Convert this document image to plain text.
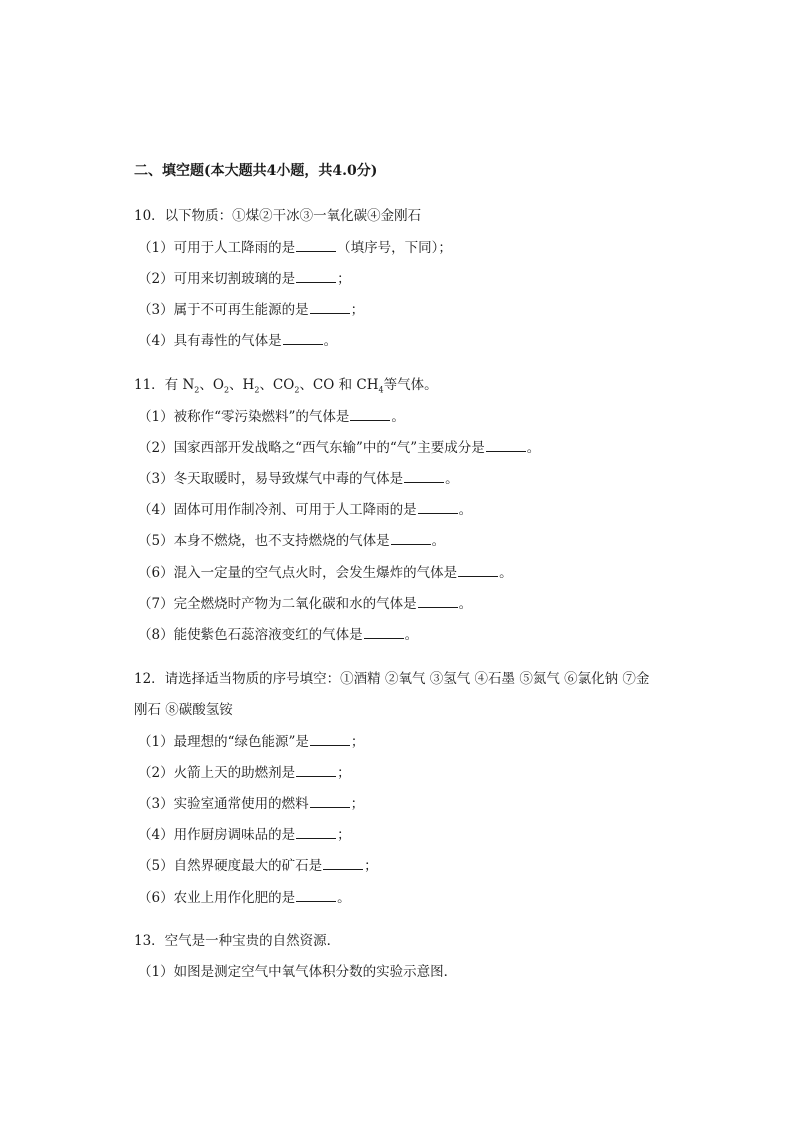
二、填空题(本大题共4小题，共4.0分)
10．以下物质：①煤②干冰③一氧化碳④金刚石
（1）可用于人工降雨的是	（填序号，下同）；
（2）可用来切割玻璃的是	；
（3）属于不可再生能源的是	；
（4）具有毒性的气体是	。
11．有 $N_2$、$O_2$、$H_2$、$CO_2$、CO 和 $CH_4$等气体。
（1）被称作“零污染燃料”的气体是	。
（2）国家西部开发战略之“西气东输”中的“气”主要成分是	。
（3）冬天取暖时，易导致煤气中毒的气体是	。
（4）固体可用作制冷剂、可用于人工降雨的是	。
（5）本身不燃烧，也不支持燃烧的气体是	。
（6）混入一定量的空气点火时，会发生爆炸的气体是	。
（7）完全燃烧时产物为二氧化碳和水的气体是	。
（8）能使紫色石蕊溶液变红的气体是	。
12．请选择适当物质的序号填空：①酒精 ②氧气 ③氢气 ④石墨 ⑤氮气 ⑥氯化钠 ⑦金
刚石 ⑧碳酸氢铵
（1）最理想的“绿色能源”是	；
（2）火箭上天的助燃剂是	；
（3）实验室通常使用的燃料	；
（4）用作厨房调味品的是	；
（5）自然界硬度最大的矿石是	；
（6）农业上用作化肥的是	。
13．空气是一种宝贵的自然资源．
（1）如图是测定空气中氧气体积分数的实验示意图．
